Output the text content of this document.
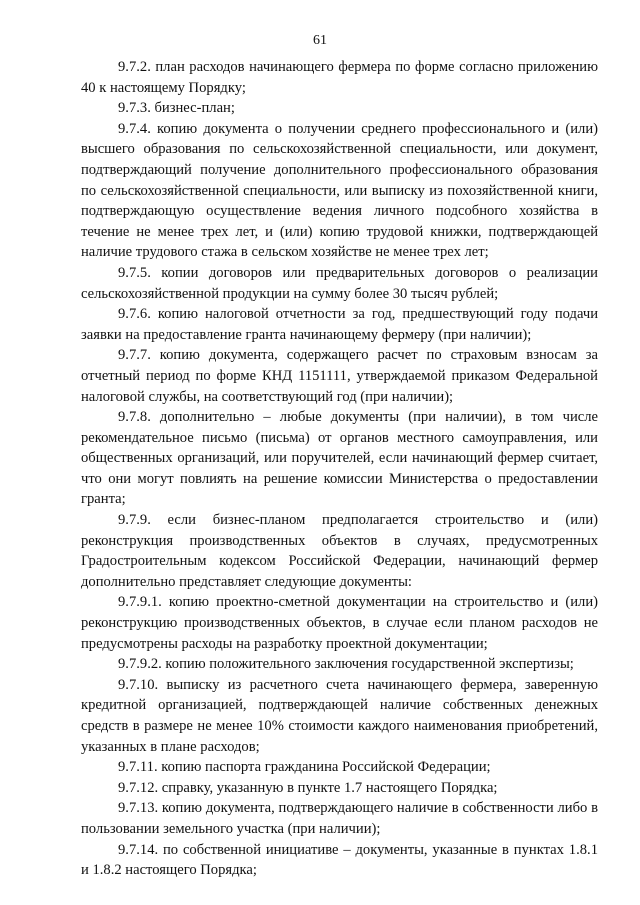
61

9.7.2. план расходов начинающего фермера по форме согласно приложению 40 к настоящему Порядку;

9.7.3. бизнес-план;

9.7.4. копию документа о получении среднего профессионального и (или) высшего образования по сельскохозяйственной специальности, или документ, подтверждающий получение дополнительного профессионального образования по сельскохозяйственной специальности, или выписку из похозяйственной книги, подтверждающую осуществление ведения личного подсобного хозяйства в течение не менее трех лет, и (или) копию трудовой книжки, подтверждающей наличие трудового стажа в сельском хозяйстве не менее трех лет;

9.7.5. копии договоров или предварительных договоров о реализации сельскохозяйственной продукции на сумму более 30 тысяч рублей;

9.7.6. копию налоговой отчетности за год, предшествующий году подачи заявки на предоставление гранта начинающему фермеру (при наличии);

9.7.7. копию документа, содержащего расчет по страховым взносам за отчетный период по форме КНД 1151111, утверждаемой приказом Федеральной налоговой службы, на соответствующий год (при наличии);

9.7.8. дополнительно – любые документы (при наличии), в том числе рекомендательное письмо (письма) от органов местного самоуправления, или общественных организаций, или поручителей, если начинающий фермер считает, что они могут повлиять на решение комиссии Министерства о предоставлении гранта;

9.7.9. если бизнес-планом предполагается строительство и (или) реконструкция производственных объектов в случаях, предусмотренных Градостроительным кодексом Российской Федерации, начинающий фермер дополнительно представляет следующие документы:

9.7.9.1. копию проектно-сметной документации на строительство и (или) реконструкцию производственных объектов, в случае если планом расходов не предусмотрены расходы на разработку проектной документации;

9.7.9.2. копию положительного заключения государственной экспертизы;

9.7.10. выписку из расчетного счета начинающего фермера, заверенную кредитной организацией, подтверждающей наличие собственных денежных средств в размере не менее 10% стоимости каждого наименования приобретений, указанных в плане расходов;

9.7.11. копию паспорта гражданина Российской Федерации;

9.7.12. справку, указанную в пункте 1.7 настоящего Порядка;

9.7.13. копию документа, подтверждающего наличие в собственности либо в пользовании земельного участка (при наличии);

9.7.14. по собственной инициативе – документы, указанные в пунктах 1.8.1 и 1.8.2 настоящего Порядка;
